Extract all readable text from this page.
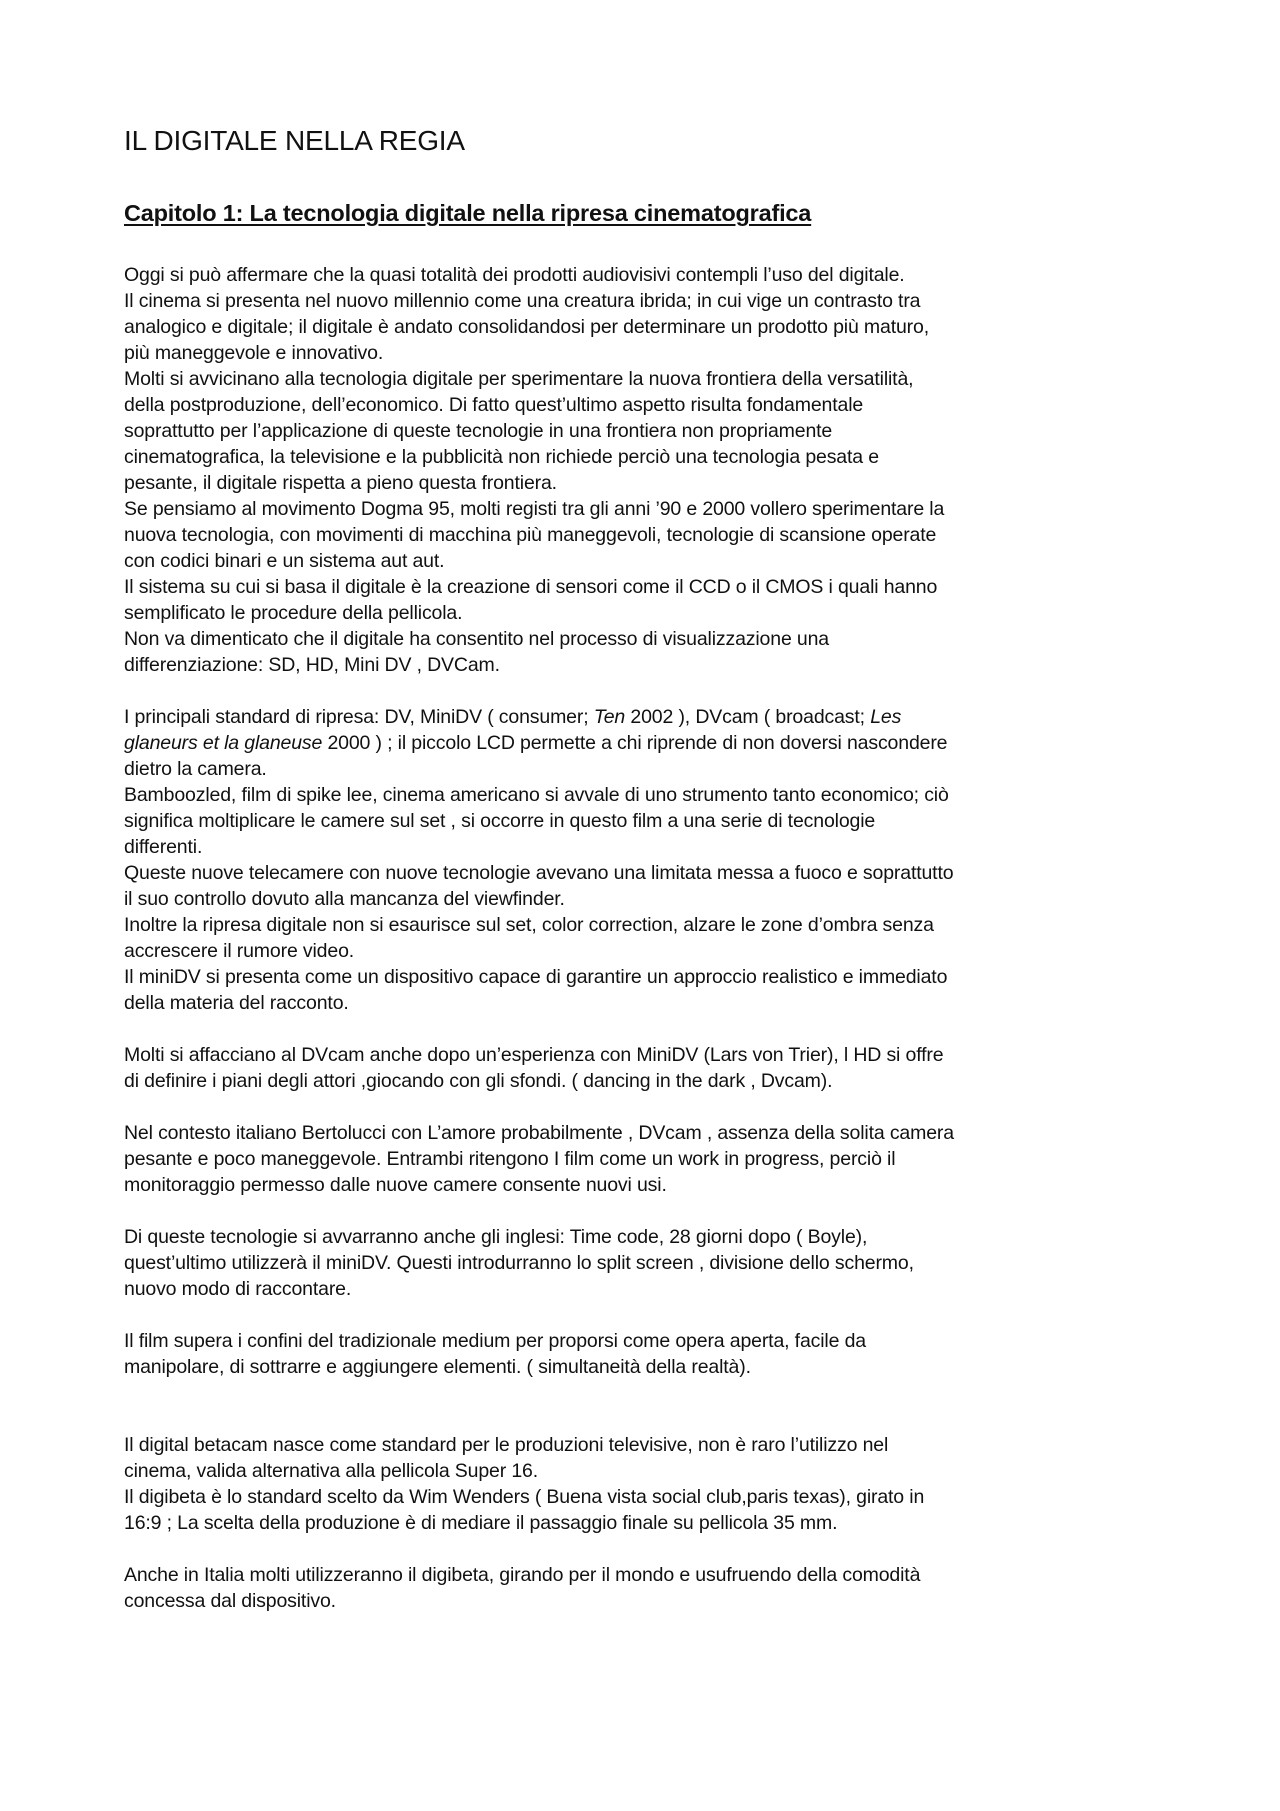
IL DIGITALE NELLA REGIA
Capitolo 1: La tecnologia digitale nella ripresa cinematografica
Oggi si può affermare che la quasi totalità dei prodotti audiovisivi contempli l’uso del digitale.
Il cinema si presenta nel nuovo millennio come una creatura ibrida; in cui vige un contrasto tra
analogico e digitale; il digitale è andato consolidandosi per determinare un prodotto più maturo,
più maneggevole e innovativo.
Molti si avvicinano alla tecnologia digitale per sperimentare la nuova frontiera della versatilità,
della postproduzione, dell’economico. Di fatto quest’ultimo aspetto risulta fondamentale
soprattutto per l’applicazione di queste tecnologie in una frontiera non propriamente
cinematografica, la televisione e la pubblicità non richiede perciò una tecnologia pesata e
pesante, il digitale rispetta a pieno questa frontiera.
Se pensiamo al movimento Dogma 95, molti registi tra gli anni ’90 e 2000 vollero sperimentare la
nuova tecnologia, con movimenti di macchina più maneggevoli, tecnologie di scansione operate
con codici binari e un sistema aut aut.
Il sistema su cui si basa il digitale è la creazione di sensori come il CCD o il CMOS i quali hanno
semplificato le procedure della pellicola.
Non va dimenticato che il digitale ha consentito nel processo di visualizzazione una
differenziazione: SD, HD, Mini DV , DVCam.
I principali standard di ripresa: DV, MiniDV ( consumer; Ten 2002 ), DVcam ( broadcast; Les
glaneurs et la glaneuse 2000 ) ; il piccolo LCD permette a chi riprende di non doversi nascondere
dietro la camera.
Bamboozled, film di spike lee, cinema americano si avvale di uno strumento tanto economico; ciò
significa moltiplicare le camere sul set , si occorre in questo film a una serie di tecnologie
differenti.
Queste nuove telecamere con nuove tecnologie avevano una limitata messa a fuoco e soprattutto
il suo controllo dovuto alla mancanza del viewfinder.
Inoltre la ripresa digitale non si esaurisce sul set, color correction, alzare le zone d’ombra senza
accrescere il rumore video.
Il miniDV si presenta come un dispositivo capace di garantire un approccio realistico e immediato
della materia del racconto.
Molti si affacciano al DVcam anche dopo un’esperienza con MiniDV (Lars von Trier), l HD si offre
di definire i piani degli attori ,giocando con gli sfondi. ( dancing in the dark , Dvcam).
Nel contesto italiano Bertolucci con L’amore probabilmente , DVcam , assenza della solita camera
pesante e poco maneggevole. Entrambi ritengono I film come un work in progress, perciò il
monitoraggio permesso dalle nuove camere consente nuovi usi.
Di queste tecnologie si avvarranno anche gli inglesi: Time code, 28 giorni dopo ( Boyle),
quest’ultimo utilizzerà il miniDV. Questi introdurranno lo split screen , divisione dello schermo,
nuovo modo di raccontare.
Il film supera i confini del tradizionale medium per proporsi come opera aperta, facile da
manipolare, di sottrarre e aggiungere elementi. ( simultaneità della realtà).
Il digital betacam nasce come standard per le produzioni televisive, non è raro l’utilizzo nel
cinema, valida alternativa alla pellicola Super 16.
Il digibeta è lo standard scelto da Wim Wenders ( Buena vista social club,paris texas), girato in
16:9 ; La scelta della produzione è di mediare il passaggio finale su pellicola 35 mm.
Anche in Italia molti utilizzeranno il digibeta, girando per il mondo e usufruendo della comodità
concessa dal dispositivo.
